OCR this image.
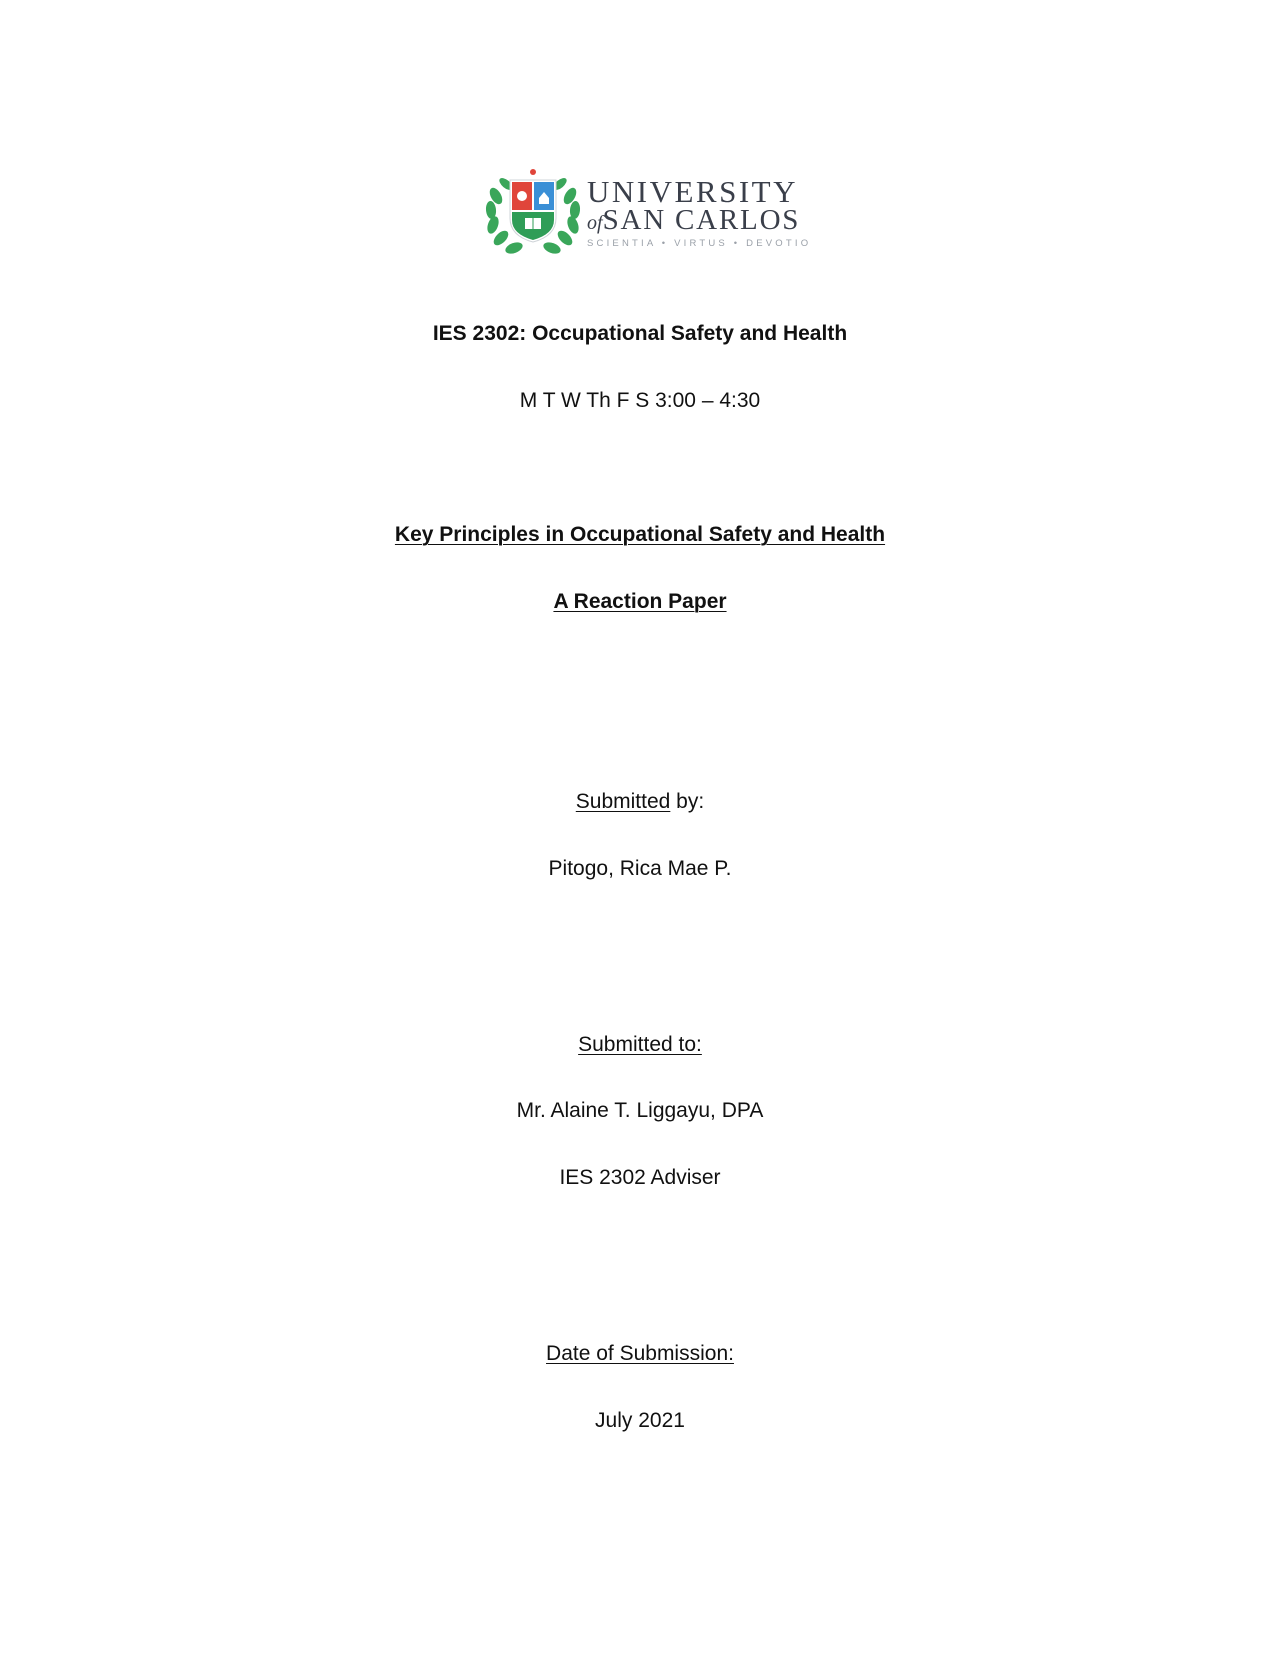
UNIVERSITY
ofSAN CARLOS
SCIENTIA • VIRTUS • DEVOTIO
IES 2302: Occupational Safety and Health
M T W Th F S 3:00 – 4:30
Key Principles in Occupational Safety and Health
A Reaction Paper
Submitted by:
Pitogo, Rica Mae P.
Submitted to:
Mr. Alaine T. Liggayu, DPA
IES 2302 Adviser
Date of Submission:
July 2021
